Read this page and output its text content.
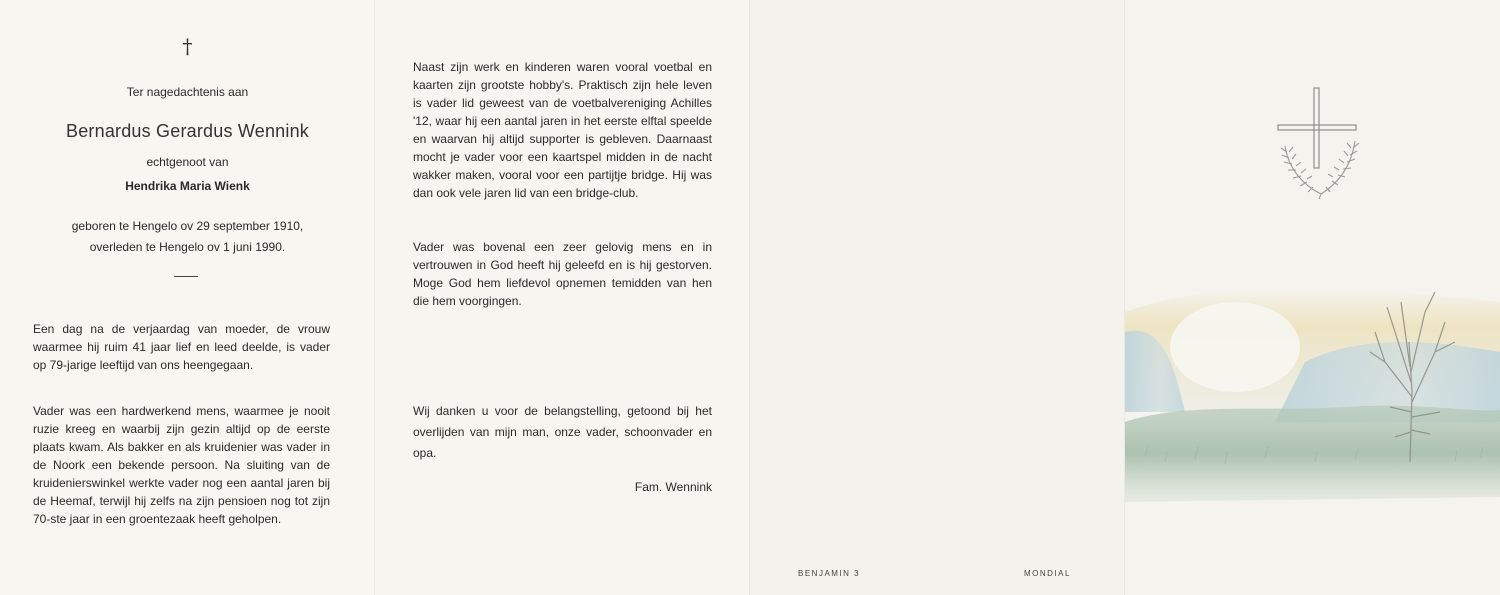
†
Ter nagedachtenis aan
Bernardus Gerardus Wennink
echtgenoot van
Hendrika Maria Wienk
geboren te Hengelo ov 29 september 1910,
overleden te Hengelo ov 1 juni 1990.

Een dag na de verjaardag van moeder, de vrouw waarmee hij ruim 41 jaar lief en leed deelde, is vader op 79-jarige leeftijd van ons heengegaan.

Vader was een hardwerkend mens, waarmee je nooit ruzie kreeg en waarbij zijn gezin altijd op de eerste plaats kwam. Als bakker en als kruidenier was vader in de Noork een bekende persoon. Na sluiting van de kruidenierswinkel werkte vader nog een aantal jaren bij de Heemaf, terwijl hij zelfs na zijn pensioen nog tot zijn 70-ste jaar in een groentezaak heeft geholpen.

Naast zijn werk en kinderen waren vooral voetbal en kaarten zijn grootste hobby's. Praktisch zijn hele leven is vader lid geweest van de voetbalvereniging Achilles '12, waar hij een aantal jaren in het eerste elftal speelde en waarvan hij altijd supporter is gebleven. Daarnaast mocht je vader voor een kaartspel midden in de nacht wakker maken, vooral voor een partijtje bridge. Hij was dan ook vele jaren lid van een bridge-club.

Vader was bovenal een zeer gelovig mens en in vertrouwen in God heeft hij geleefd en is hij gestorven. Moge God hem liefdevol opnemen temidden van hen die hem voorgingen.

Wij danken u voor de belangstelling, getoond bij het overlijden van mijn man, onze vader, schoonvader en opa.

Fam. Wennink
BENJAMIN 3	MONDIAL
